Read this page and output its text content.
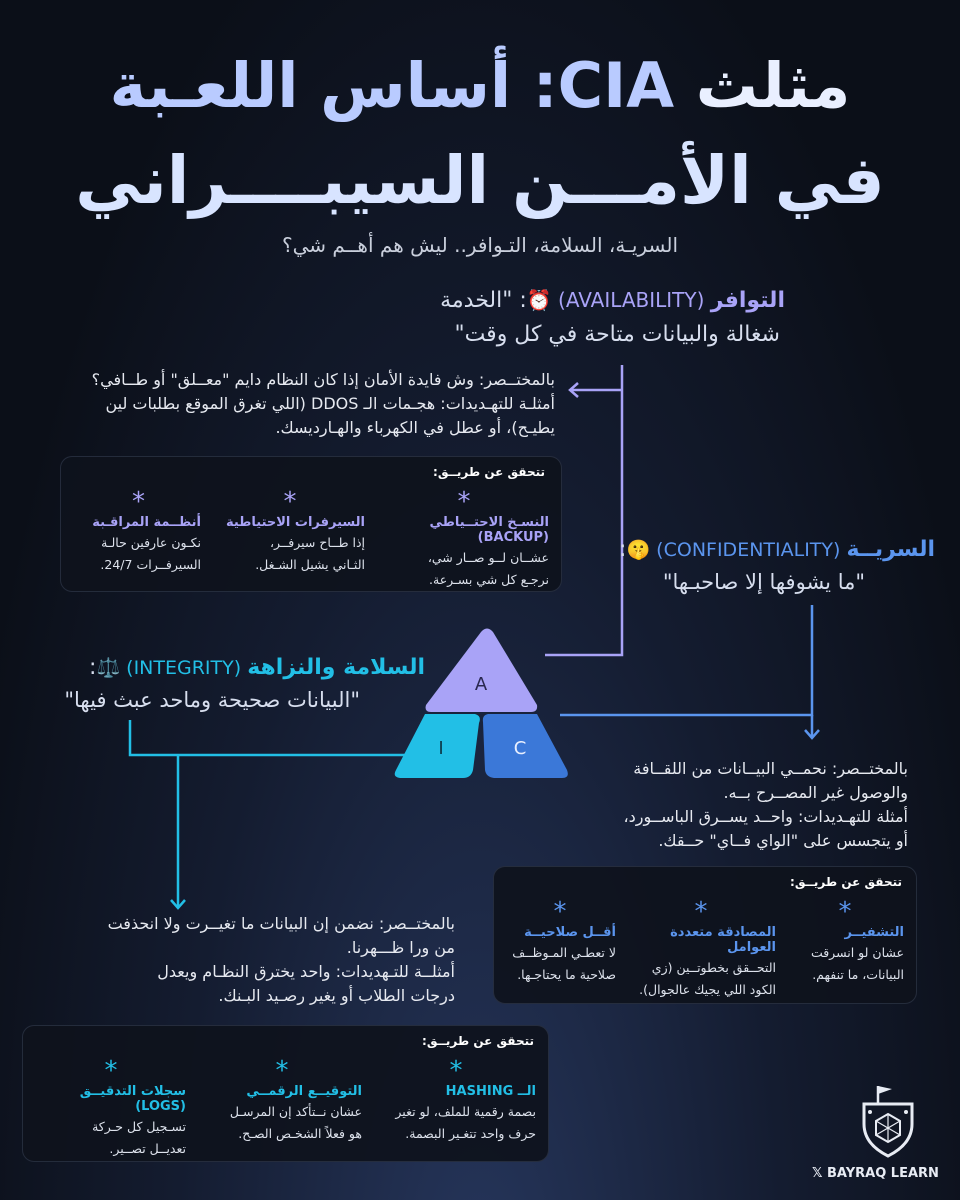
مثلث CIA: أساس اللعـبة
في الأمـــن السيبــــراني
السريـة، السلامة، التـوافر.. ليش هم أهــم شي؟
A
I	C
التوافر (AVAILABILITY) ⏰: "الخدمة
شغالة والبيانات متاحة في كل وقت"
بالمختــصر: وش فايدة الأمان إذا كان النظام دايم "معــلق" أو طــافي؟
أمثلـة للتهـديدات: هجـمات الـ DDOS (اللي تغرق الموقع بطلبات لين
يطيـح)، أو عطل في الكهرباء والهـارديسك.
تتحقق عن طريــق:
*
النسـخ الاحتــياطي (BACKUP)
عشــان لــو صــار شي،
نرجـع كل شي بسـرعة.
*
السيرفرات الاحتياطية
إذا طــاح سيرفــر،
الثـاني يشيل الشـغل.
*
أنظــمة المراقـبة
نكـون عارفين حالـة
السيرفــرات 24/7.
السريــة (CONFIDENTIALITY) 🤫:
"ما يشوفها إلا صاحبـها"
بالمختــصر: نحمــي البيــانات من اللقــافة
والوصول غير المصــرح بــه.
أمثلة للتهـديدات: واحــد يســرق الباســورد،
أو يتجسس على "الواي فــاي" حــقك.
تتحقق عن طريــق:
*
التشفيــر
عشان لو انسرقت
البيانات، ما تنفهم.
*
المصادقة متعددة العوامل
التحــقق بخطوتــين (زي
الكود اللي يجيك عالجوال).
*
أقــل صلاحيــة
لا تعطـي المـوظــف
صلاحية ما يحتاجـها.
السلامة والنزاهة (INTEGRITY) ⚖️:
"البيانات صحيحة وماحد عبث فيها"
بالمختــصر: نضمن إن البيانات ما تغيــرت ولا انحذفت
من ورا ظـــهرنا.
أمثلــة للتـهديدات: واحد يخترق النظـام ويعدل
درجات الطلاب أو يغير رصـيد البـنك.
تتحقق عن طريــق:
*
الــ HASHING
بصمة رقمية للملف، لو تغير
حرف واحد تتغـير البصمة.
*
التوقيــع الرقمــي
عشان نــتأكد إن المرسـل
هو فعلاً الشخـص الصـح.
*
سجلات التدقيــق (LOGS)
تسـجيل كل حـركة
تعديــل تصــير.
𝕏 BAYRAQ LEARN
